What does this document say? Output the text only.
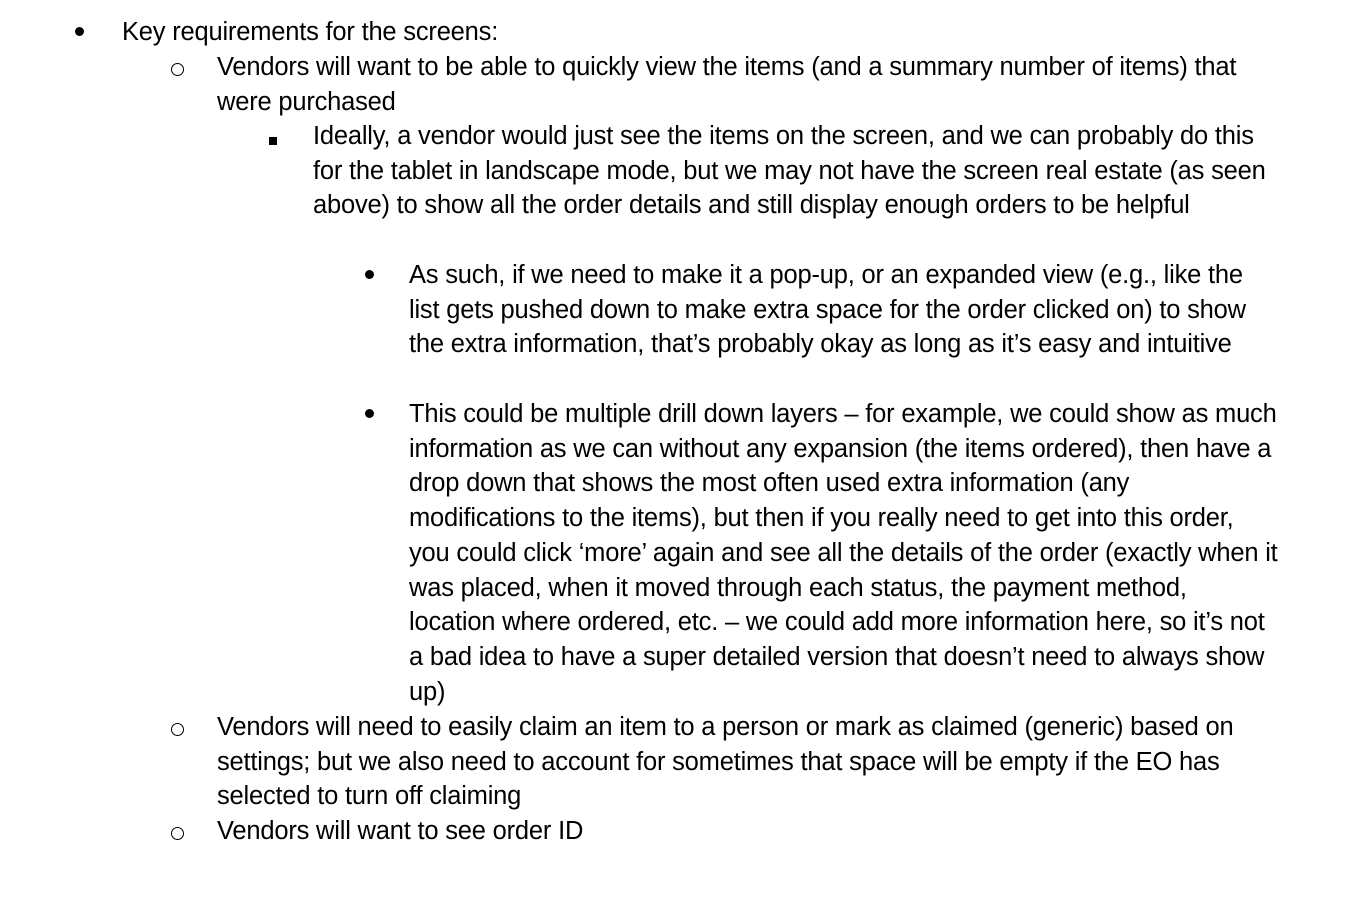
Key requirements for the screens:
Vendors will want to be able to quickly view the items (and a summary number of items) that were purchased
Ideally, a vendor would just see the items on the screen, and we can probably do this for the tablet in landscape mode, but we may not have the screen real estate (as seen above) to show all the order details and still display enough orders to be helpful
As such, if we need to make it a pop-up, or an expanded view (e.g., like the list gets pushed down to make extra space for the order clicked on) to show the extra information, that’s probably okay as long as it’s easy and intuitive
This could be multiple drill down layers – for example, we could show as much information as we can without any expansion (the items ordered), then have a drop down that shows the most often used extra information (any modifications to the items), but then if you really need to get into this order, you could click ‘more’ again and see all the details of the order (exactly when it was placed, when it moved through each status, the payment method, location where ordered, etc. – we could add more information here, so it’s not a bad idea to have a super detailed version that doesn’t need to always show up)
Vendors will need to easily claim an item to a person or mark as claimed (generic) based on settings; but we also need to account for sometimes that space will be empty if the EO has selected to turn off claiming
Vendors will want to see order ID
